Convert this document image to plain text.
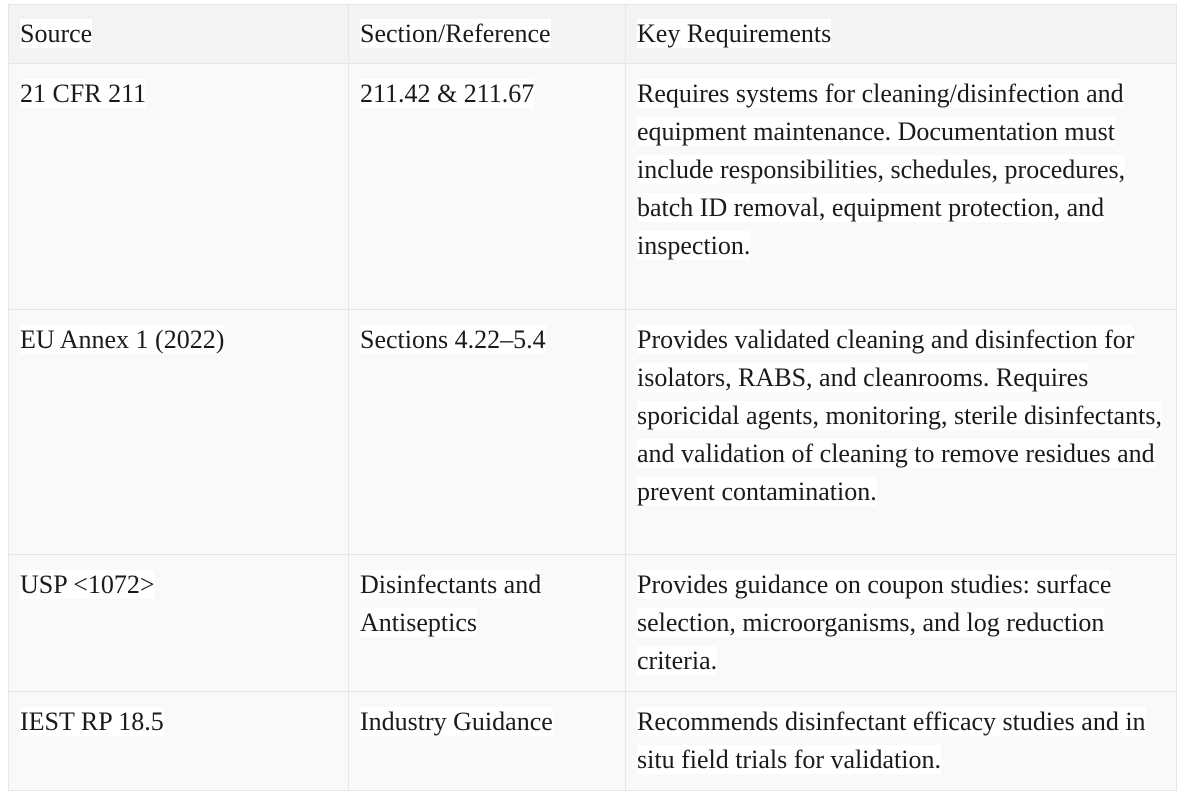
Source	Section/Reference	Key Requirements
21 CFR 211	211.42 & 211.67	Requires systems for cleaning/disinfection and equipment maintenance. Documentation must include responsibilities, schedules, procedures, batch ID removal, equipment protection, and inspection.
EU Annex 1 (2022)	Sections 4.22–5.4	Provides validated cleaning and disinfection for isolators, RABS, and cleanrooms. Requires sporicidal agents, monitoring, sterile disinfectants, and validation of cleaning to remove residues and prevent contamination.
USP <1072>	Disinfectants and Antiseptics	Provides guidance on coupon studies: surface selection, microorganisms, and log reduction criteria.
IEST RP 18.5	Industry Guidance	Recommends disinfectant efficacy studies and in situ field trials for validation.
